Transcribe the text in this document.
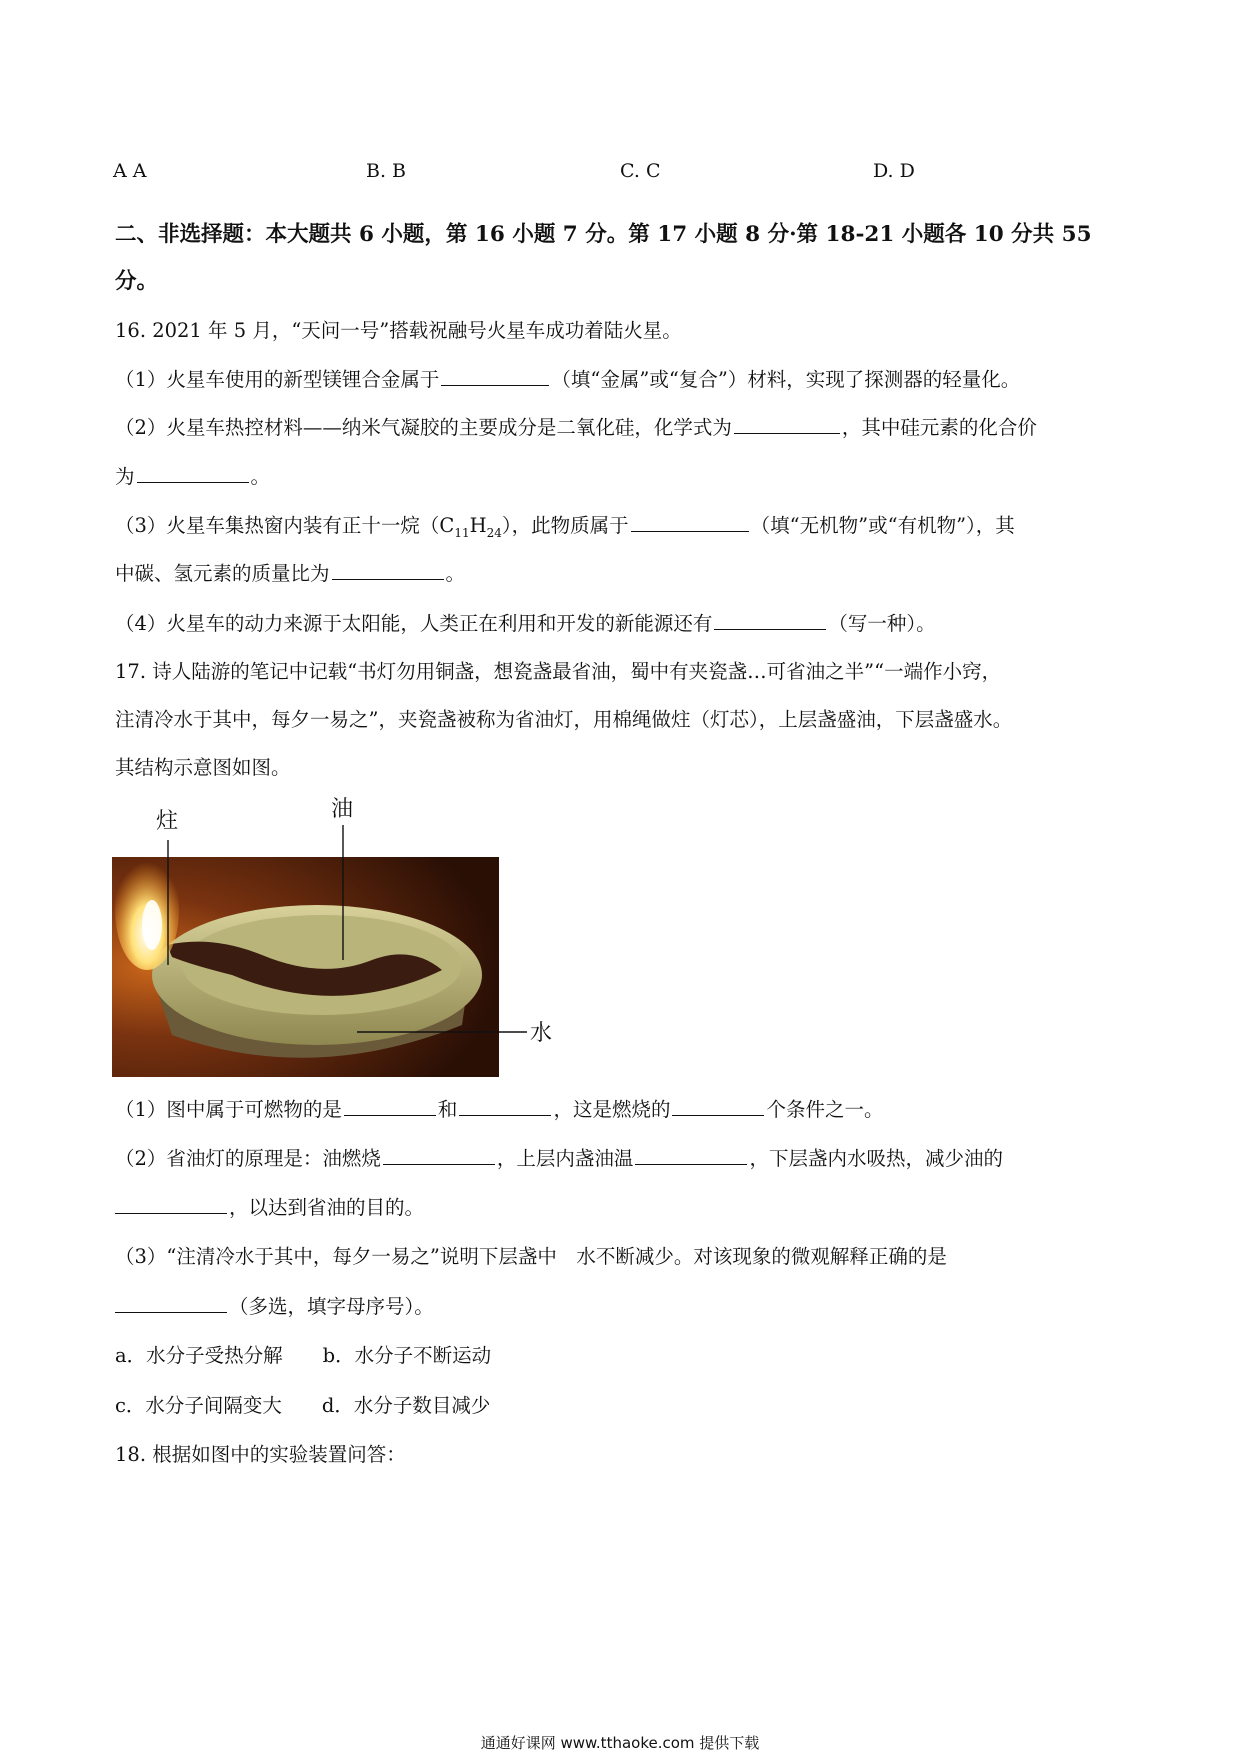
A A	B. B	C. C	D. D
二、非选择题：本大题共 6 小题，第 16 小题 7 分。第 17 小题 8 分·第 18-21 小题各 10 分共 55
分。
16. 2021 年 5 月，“天问一号”搭载祝融号火星车成功着陆火星。
（1）火星车使用的新型镁锂合金属于	（填“金属”或“复合”）材料，实现了探测器的轻量化。
（2）火星车热控材料——纳米气凝胶的主要成分是二氧化硅，化学式为	，其中硅元素的化合价
为	。
（3）火星车集热窗内装有正十一烷$(C_{11}H_{24})$，此物质属于	（填“无机物”或“有机物”），其
中碳、氢元素的质量比为	。
（4）火星车的动力来源于太阳能，人类正在利用和开发的新能源还有	（写一种）。
17. 诗人陆游的笔记中记载“书灯勿用铜盏，想瓷盏最省油，蜀中有夹瓷盏…可省油之半”“一端作小窍，
注清冷水于其中，每夕一易之”，夹瓷盏被称为省油灯，用棉绳做炷（灯芯），上层盏盛油，下层盏盛水。
其结构示意图如图。
炷	油
水
（1）图中属于可燃物的是	和	，这是燃烧的	个条件之一。
（2）省油灯的原理是：油燃烧	，上层内盏油温	，下层盏内水吸热，减少油的
，以达到省油的目的。
（3）“注清冷水于其中，每夕一易之”说明下层盏中　水不断减少。对该现象的微观解释正确的是
（多选，填字母序号）。
a．水分子受热分解 b．水分子不断运动
c．水分子间隔变大 d．水分子数目减少
18. 根据如图中的实验装置问答：
通通好课网 www.tthaoke.com 提供下载
